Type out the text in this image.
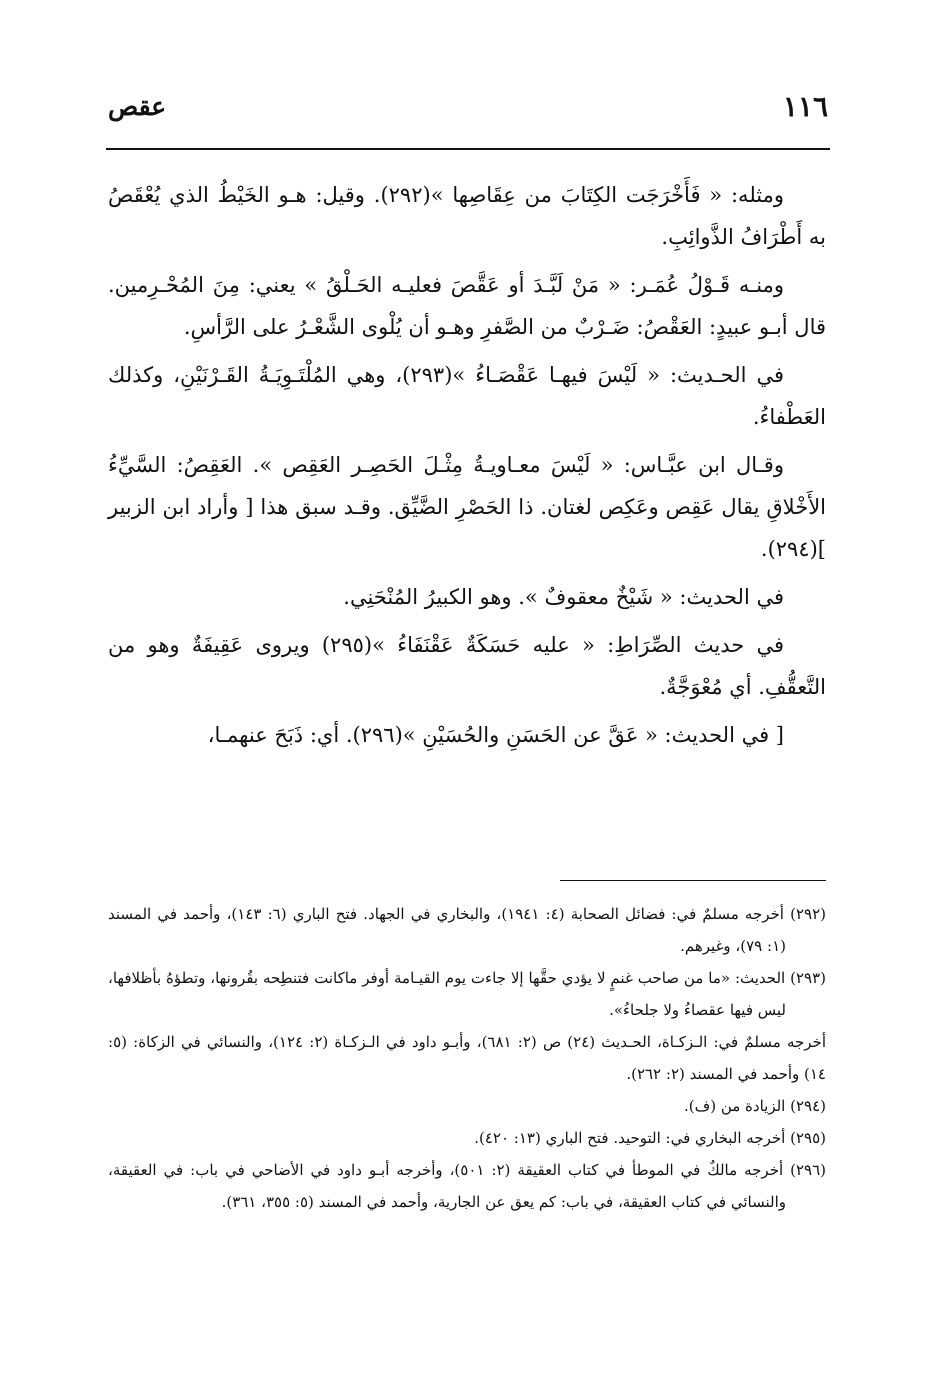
١١٦
عقص

ومثله: « فَأَخْرَجَت الكِتَابَ من عِقَاصِها »(٢٩٢). وقيل: هـو الخَيْطُ الذي يُعْقَصُ به أَطْرَافُ الذَّوائِبِ.

ومنـه قَـوْلُ عُمَـر: « مَنْ لَبَّـدَ أو عَقَّصَ فعليـه الحَـلْقُ » يعني: مِنَ المُحْـرِمين. قال أبـو عبيدٍ: العَقْصُ: ضَـرْبٌ من الصَّفرِ وهـو أن يُلْوى الشَّعْـرُ على الرَّأسِ.

في الحـديث: « لَيْسَ فيهـا عَقْصَـاءُ »(٢٩٣)، وهي المُلْتَـوِيَـةُ القَـرْنَيْنِ، وكذلك العَطْفاءُ.

وقـال ابن عبَّـاس: « لَيْسَ معـاويـةُ مِثْـلَ الحَصِـر العَقِص ». العَقِصُ: السَّيِّءُ الأَخْلاقِ يقال عَقِص وعَكِص لغتان. ذا الحَصْرِ الضَّيِّق. وقـد سبق هذا [ وأراد ابن الزبير ](٢٩٤).

في الحديث: « شَيْخٌ معقوفٌ ». وهو الكبيرُ المُنْحَنِي.

في حديث الصِّرَاطِ: « عليه حَسَكَةٌ عَقْنَفَاءُ »(٢٩٥) ويروى عَقِيفَةٌ وهو من التَّعقُّفِ. أي مُعْوَجَّةٌ.

[ في الحديث: « عَقَّ عن الحَسَنِ والحُسَيْنِ »(٢٩٦). أي: ذَبَحَ عنهمـا،

(٢٩٢) أخرجه مسلمٌ في: فضائل الصحابة (٤: ١٩٤١)، والبخاري في الجهاد. فتح الباري (٦: ١٤٣)، وأحمد في المسند (١: ٧٩)، وغيرهم.

(٢٩٣) الحديث: «ما من صاحب غنمٍ لا يؤدي حقَّها إلا جاءت يوم القيـامة أوفر ماكانت فتنطِحه بقُرونها، وتطؤهُ بأظلافها، ليس فيها عقصاءُ ولا جلحاءُ».

أخرجه مسلمٌ في: الـزكـاة، الحـديث (٢٤) ص (٢: ٦٨١)، وأبـو داود في الـزكـاة (٢: ١٢٤)، والنسائي في الزكاة: (٥: ١٤) وأحمد في المسند (٢: ٢٦٢).

(٢٩٤) الزيادة من (ف).

(٢٩٥) أخرجه البخاري في: التوحيد. فتح الباري (١٣: ٤٢٠).

(٢٩٦) أخرجه مالكٌ في الموطأ في كتاب العقيقة (٢: ٥٠١)، وأخرجه أبـو داود في الأضاحي في باب: في العقيقة، والنسائي في كتاب العقيقة، في باب: كم يعق عن الجارية، وأحمد في المسند (٥: ٣٥٥، ٣٦١).
